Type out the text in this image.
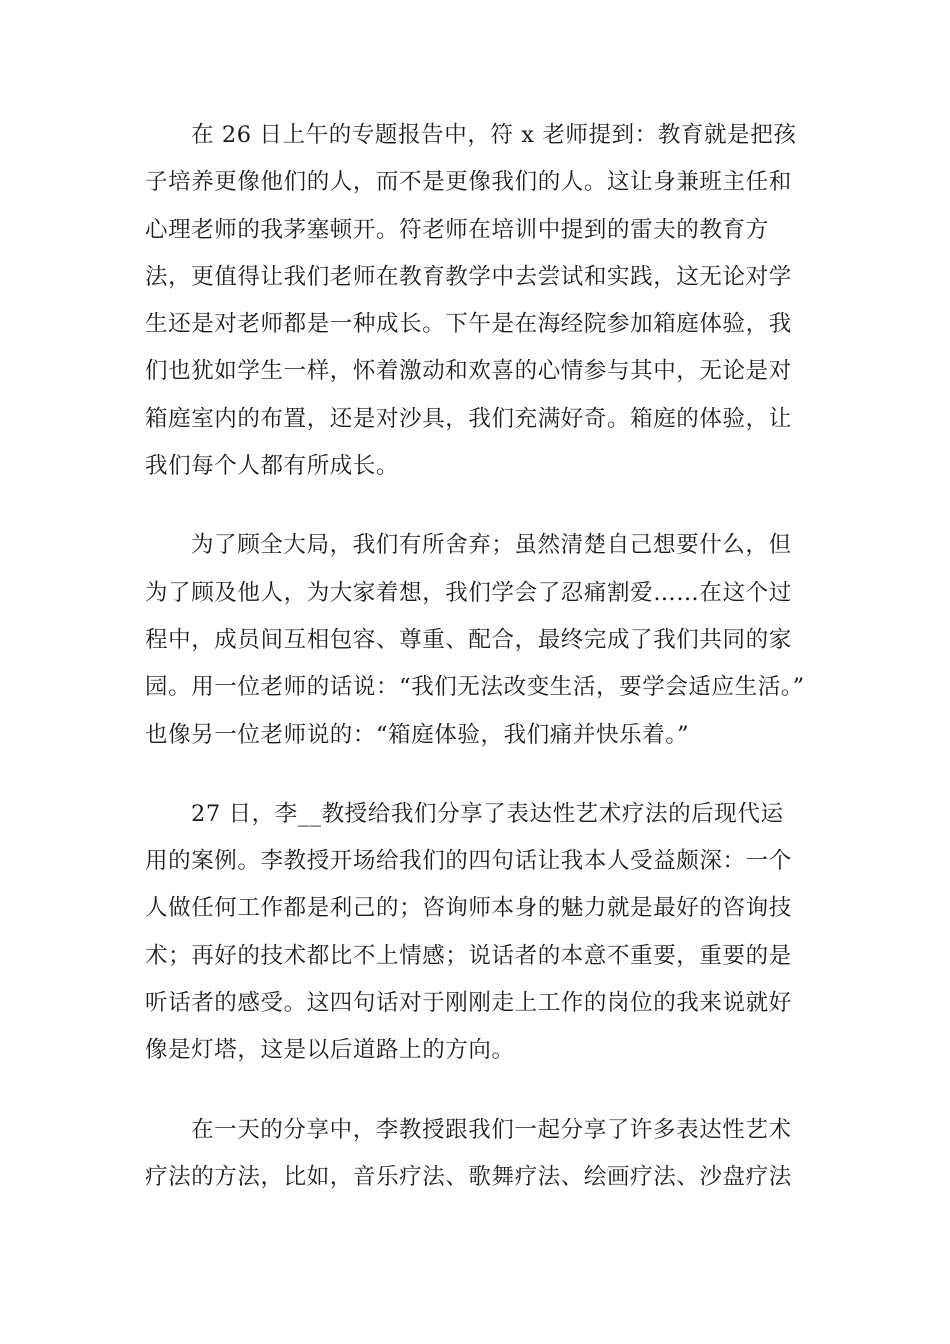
在 26 日上午的专题报告中，符 x 老师提到：教育就是把孩
子培养更像他们的人，而不是更像我们的人。这让身兼班主任和
心理老师的我茅塞顿开。符老师在培训中提到的雷夫的教育方
法，更值得让我们老师在教育教学中去尝试和实践，这无论对学
生还是对老师都是一种成长。下午是在海经院参加箱庭体验，我
们也犹如学生一样，怀着激动和欢喜的心情参与其中，无论是对
箱庭室内的布置，还是对沙具，我们充满好奇。箱庭的体验，让
我们每个人都有所成长。

为了顾全大局，我们有所舍弃；虽然清楚自己想要什么，但
为了顾及他人，为大家着想，我们学会了忍痛割爱……在这个过
程中，成员间互相包容、尊重、配合，最终完成了我们共同的家
园。用一位老师的话说：“我们无法改变生活，要学会适应生活。”
也像另一位老师说的：“箱庭体验，我们痛并快乐着。”

27 日，李__教授给我们分享了表达性艺术疗法的后现代运
用的案例。李教授开场给我们的四句话让我本人受益颇深：一个
人做任何工作都是利己的；咨询师本身的魅力就是最好的咨询技
术；再好的技术都比不上情感；说话者的本意不重要，重要的是
听话者的感受。这四句话对于刚刚走上工作的岗位的我来说就好
像是灯塔，这是以后道路上的方向。

在一天的分享中，李教授跟我们一起分享了许多表达性艺术
疗法的方法，比如，音乐疗法、歌舞疗法、绘画疗法、沙盘疗法
